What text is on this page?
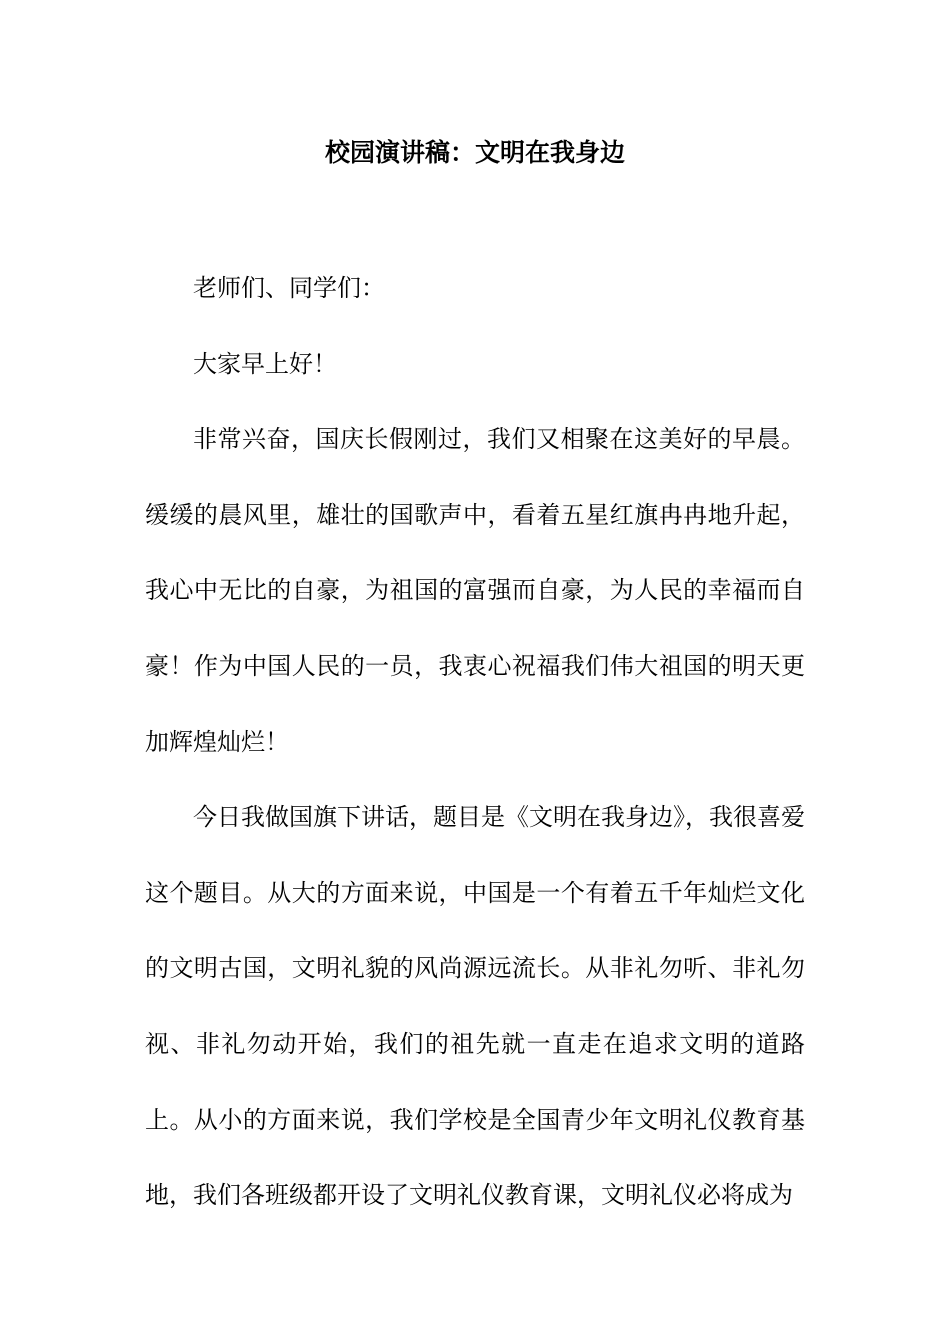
校园演讲稿：文明在我身边

老师们、同学们：

大家早上好！

非常兴奋，国庆长假刚过，我们又相聚在这美好的早晨。缓缓的晨风里，雄壮的国歌声中，看着五星红旗冉冉地升起，我心中无比的自豪，为祖国的富强而自豪，为人民的幸福而自豪！作为中国人民的一员，我衷心祝福我们伟大祖国的明天更加辉煌灿烂！

今日我做国旗下讲话，题目是《文明在我身边》，我很喜爱这个题目。从大的方面来说，中国是一个有着五千年灿烂文化的文明古国，文明礼貌的风尚源远流长。从非礼勿听、非礼勿视、非礼勿动开始，我们的祖先就一直走在追求文明的道路上。从小的方面来说，我们学校是全国青少年文明礼仪教育基地，我们各班级都开设了文明礼仪教育课，文明礼仪必将成为
